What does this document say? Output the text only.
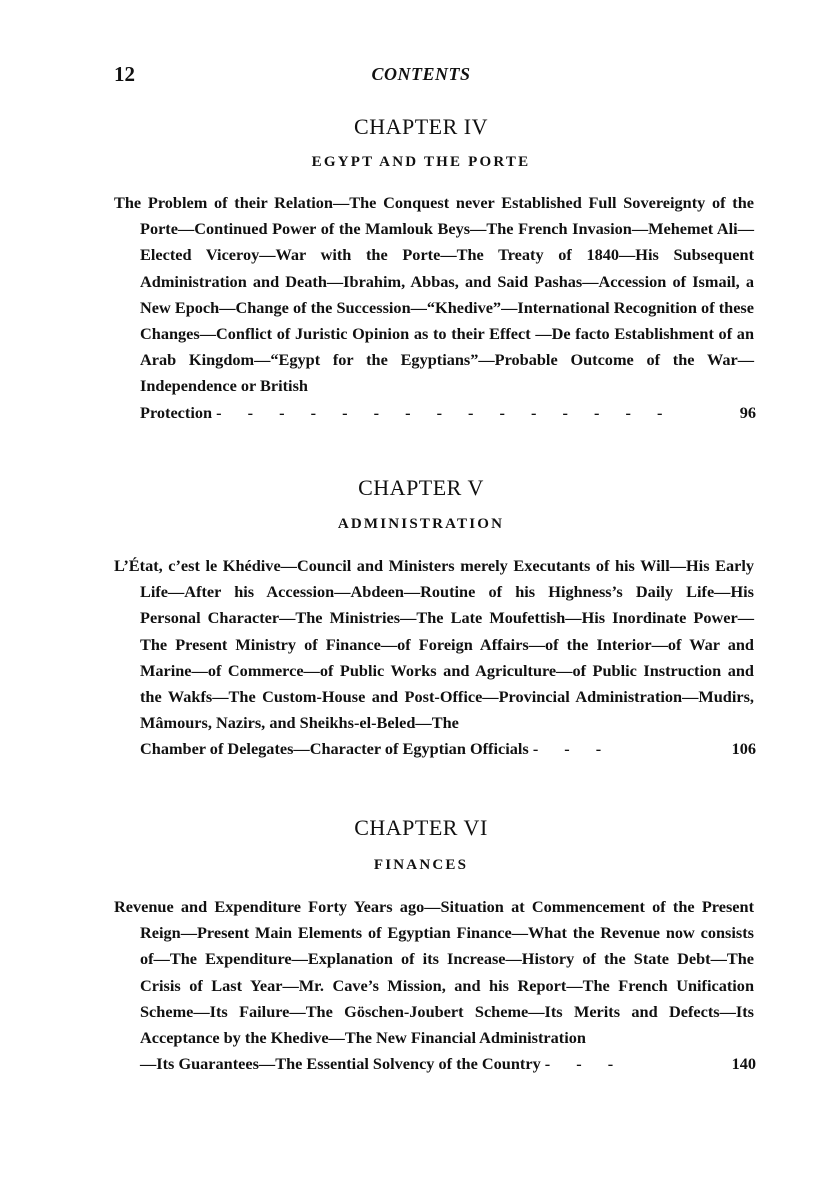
12	CONTENTS
CHAPTER IV
EGYPT AND THE PORTE
The Problem of their Relation—The Conquest never Established Full Sovereignty of the Porte—Continued Power of the Mamlouk Beys—The French Invasion—Mehemet Ali—Elected Viceroy—War with the Porte—The Treaty of 1840—His Subsequent Administration and Death—Ibrahim, Abbas, and Said Pashas—Accession of Ismail, a New Epoch—Change of the Succession—“Khedive”—International Recognition of these Changes—Conflict of Juristic Opinion as to their Effect —De facto Establishment of an Arab Kingdom—“Egypt for the Egyptians”—Probable Outcome of the War—Independence or British
Protection - - - - - - - - - - - - - - -	96
CHAPTER V
ADMINISTRATION
L’État, c’est le Khédive—Council and Ministers merely Executants of his Will—His Early Life—After his Accession—Abdeen—Routine of his Highness’s Daily Life—His Personal Character—The Ministries—The Late Moufettish—His Inordinate Power—The Present Ministry of Finance—of Foreign Affairs—of the Interior—of War and Marine—of Commerce—of Public Works and Agriculture—of Public Instruction and the Wakfs—The Custom-House and Post-Office—Provincial Administration—Mudirs, Mâmours, Nazirs, and Sheikhs-el-Beled—The
Chamber of Delegates—Character of Egyptian Officials - - -	106
CHAPTER VI
FINANCES
Revenue and Expenditure Forty Years ago—Situation at Commencement of the Present Reign—Present Main Elements of Egyptian Finance—What the Revenue now consists of—The Expenditure—Explanation of its Increase—History of the State Debt—The Crisis of Last Year—Mr. Cave’s Mission, and his Report—The French Unification Scheme—Its Failure—The Göschen-Joubert Scheme—Its Merits and Defects—Its Acceptance by the Khedive—The New Financial Administration
—Its Guarantees—The Essential Solvency of the Country - - -	140
